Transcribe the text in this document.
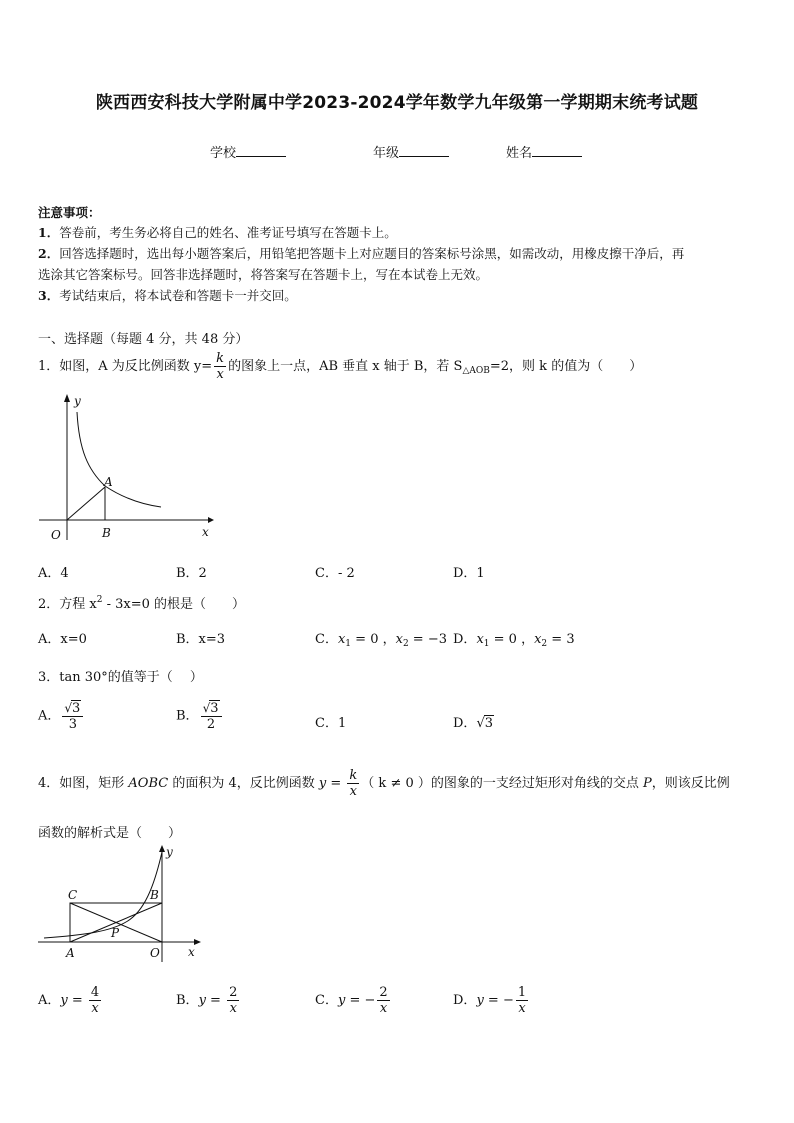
陕西西安科技大学附属中学2023-2024学年数学九年级第一学期期末统考试题
学校	年级	姓名
注意事项：
1．答卷前，考生务必将自己的姓名、准考证号填写在答题卡上。
2．回答选择题时，选出每小题答案后，用铅笔把答题卡上对应题目的答案标号涂黑，如需改动，用橡皮擦干净后，再
选涂其它答案标号。回答非选择题时，将答案写在答题卡上，写在本试卷上无效。
3．考试结束后，将本试卷和答题卡一并交回。
一、选择题（每题 4 分，共 48 分）
1．如图，A 为反比例函数 $y= \frac{k}{x}$ 的图象上一点，AB 垂直 x 轴于 B，若 $S_{\triangle AOB}=2$，则 k 的值为（　　）
y
x
O
A
B
A．4	B．2	C．- 2	D．1
2．方程 $x^2 - 3x=0$ 的根是（　　）
A．x=0	B．x=3	C．$x_1 = 0$ ，$x_2 = -3$ D．$x_1 = 0$ ，$x_2 = 3$
3．tan 30°的值等于（　 ）
A． $\frac{√3}{3}$	B． $\frac{√3}{2}$	C．1	D．√3
4．如图，矩形 AOBC 的面积为 4，反比例函数 $y = \frac{k}{x}$ （ k ≠ 0 ）的图象的一支经过矩形对角线的交点 P，则该反比例
函数的解析式是（　　）
y
x
C	B
P
A	O
A．$y = \frac{4}{x}$	B．$y = \frac{2}{x}$	C．y = − $\frac{2}{x}$	D．y = − $\frac{1}{x}$
